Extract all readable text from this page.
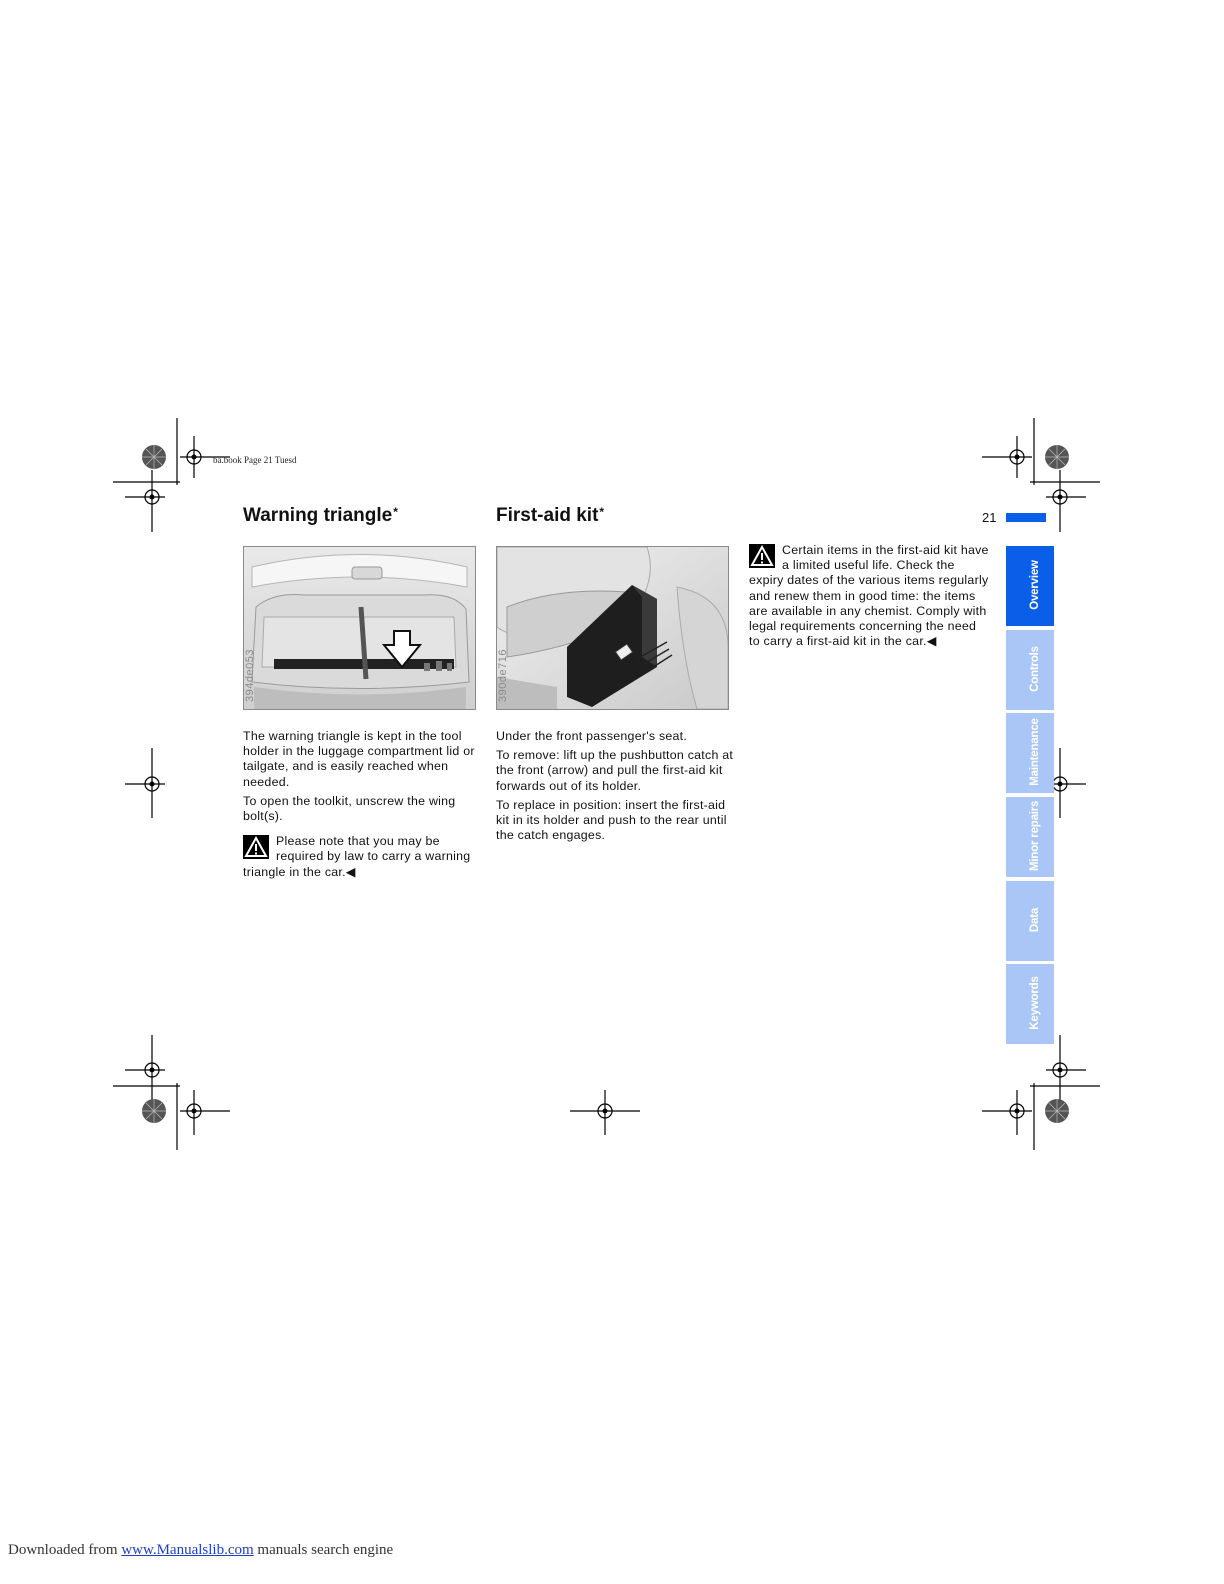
ba.book Page 21 Tuesd
21
Warning triangle*
394de053

The warning triangle is kept in the tool holder in the luggage compartment lid or tailgate, and is easily reached when needed.

To open the toolkit, unscrew the wing bolt(s).

Please note that you may be required by law to carry a warning triangle in the car.◀
First-aid kit*
390de716

Under the front passenger's seat.

To remove: lift up the pushbutton catch at the front (arrow) and pull the first-aid kit forwards out of its holder.

To replace in position: insert the first-aid kit in its holder and push to the rear until the catch engages.

Certain items in the first-aid kit have a limited useful life. Check the expiry dates of the various items regularly and renew them in good time: the items are available in any chemist. Comply with legal requirements concerning the need to carry a first-aid kit in the car.◀
Overview
Controls
Maintenance
Minor repairs
Data
Keywords
Downloaded from www.Manualslib.com manuals search engine
